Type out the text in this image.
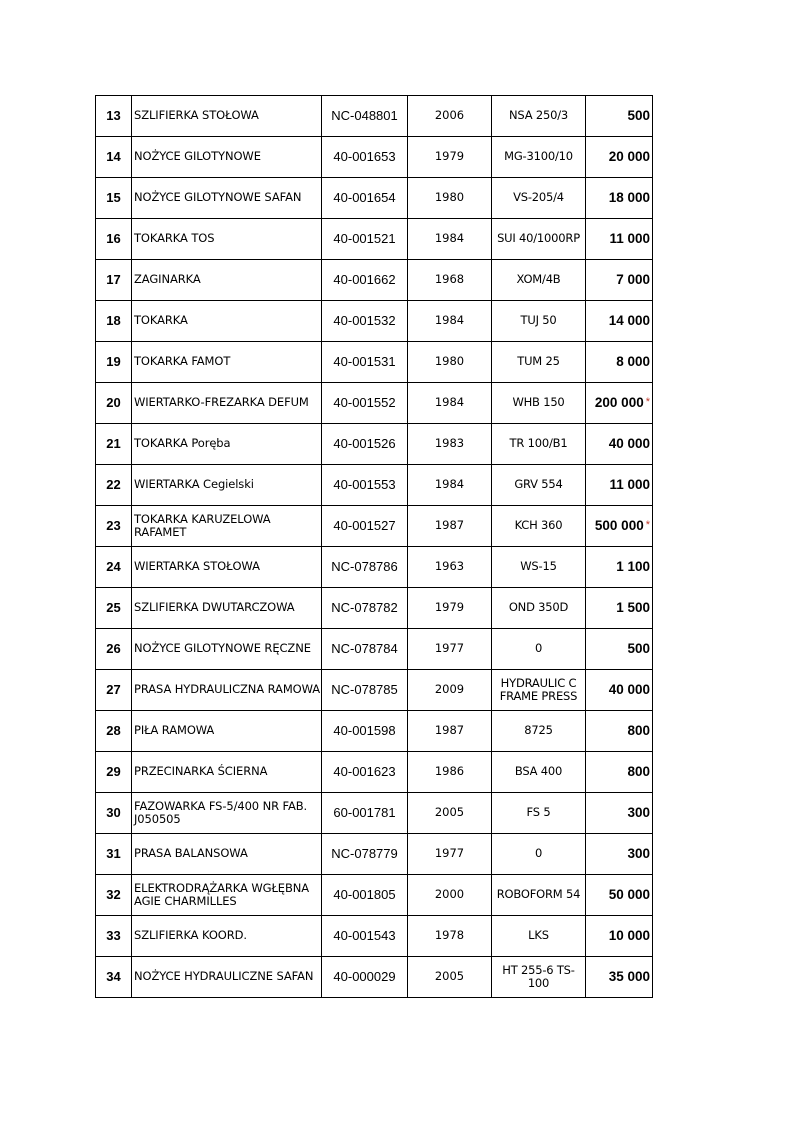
13	SZLIFIERKA STOŁOWA	NC-048801	2006	NSA 250/3	500
14	NOŻYCE GILOTYNOWE	40-001653	1979	MG-3100/10	20 000
15	NOŻYCE GILOTYNOWE SAFAN	40-001654	1980	VS-205/4	18 000
16	TOKARKA TOS	40-001521	1984	SUI 40/1000RP	11 000
17	ZAGINARKA	40-001662	1968	XOM/4B	7 000
18	TOKARKA	40-001532	1984	TUJ 50	14 000
19	TOKARKA FAMOT	40-001531	1980	TUM 25	8 000
20	WIERTARKO-FREZARKA DEFUM	40-001552	1984	WHB 150	200 000 *
21	TOKARKA Poręba	40-001526	1983	TR 100/B1	40 000
22	WIERTARKA Cegielski	40-001553	1984	GRV 554	11 000
23	TOKARKA KARUZELOWA RAFAMET	40-001527	1987	KCH 360	500 000 *
24	WIERTARKA STOŁOWA	NC-078786	1963	WS-15	1 100
25	SZLIFIERKA DWUTARCZOWA	NC-078782	1979	OND 350D	1 500
26	NOŻYCE GILOTYNOWE RĘCZNE	NC-078784	1977	0	500
27	PRASA HYDRAULICZNA RAMOWA	NC-078785	2009	HYDRAULIC C FRAME PRESS	40 000
28	PIŁA RAMOWA	40-001598	1987	8725	800
29	PRZECINARKA ŚCIERNA	40-001623	1986	BSA 400	800
30	FAZOWARKA FS-5/400 NR FAB. J050505	60-001781	2005	FS 5	300
31	PRASA BALANSOWA	NC-078779	1977	0	300
32	ELEKTRODRĄŻARKA WGŁĘBNA AGIE CHARMILLES	40-001805	2000	ROBOFORM 54	50 000
33	SZLIFIERKA KOORD.	40-001543	1978	LKS	10 000
34	NOŻYCE HYDRAULICZNE SAFAN	40-000029	2005	HT 255-6 TS-100	35 000
